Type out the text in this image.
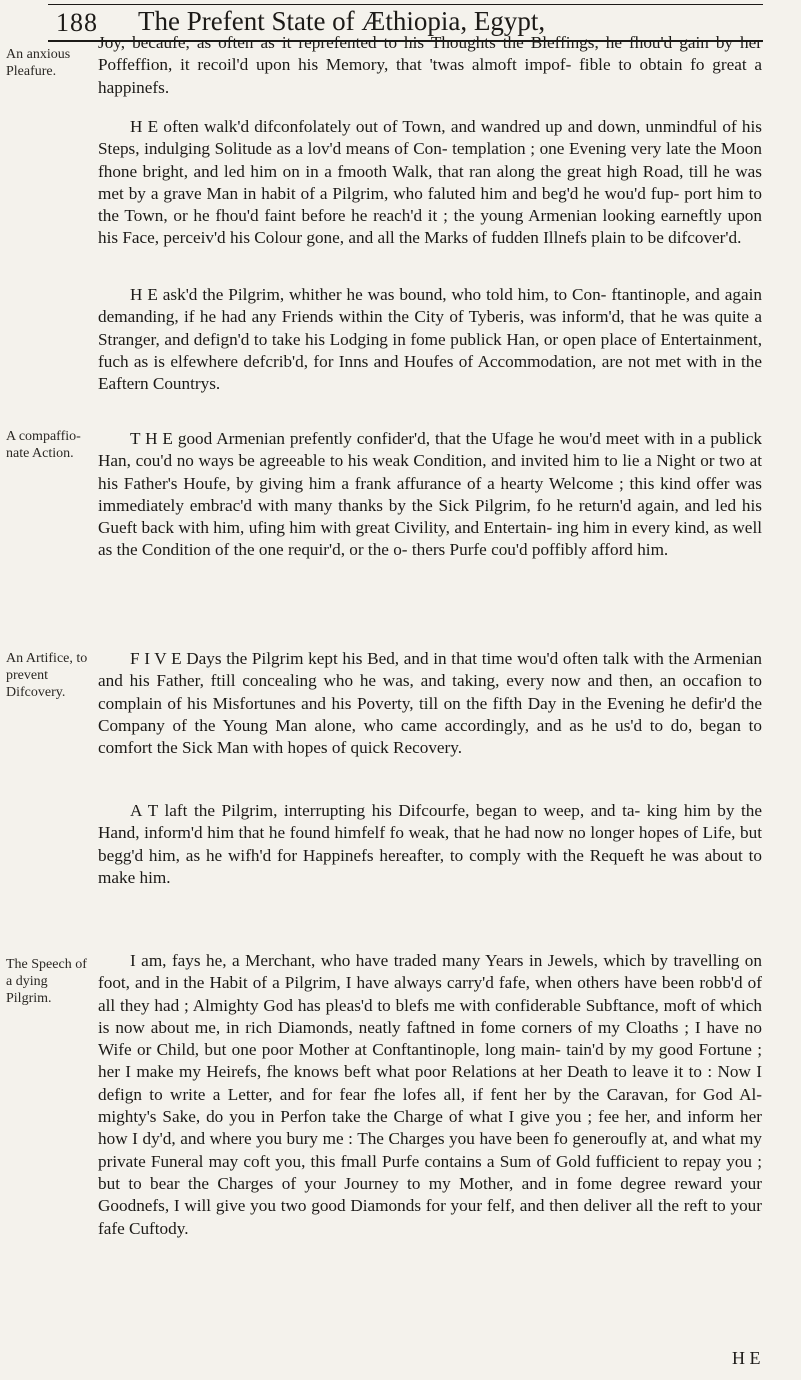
188 The Prefent State of Æthiopia, Egypt,
An anxious Pleafure.
A compaffio- nate Action.
An Artifice, to prevent Difcovery.
The Speech of a dying Pilgrim.

Joy, becaufe, as often as it reprefented to his Thoughts the Bleffings, he fhou'd gain by her Poffeffion, it recoil'd upon his Memory, that 'twas almoft impof- fible to obtain fo great a happinefs.

H E often walk'd difconfolately out of Town, and wandred up and down, unmindful of his Steps, indulging Solitude as a lov'd means of Con- templation ; one Evening very late the Moon fhone bright, and led him on in a fmooth Walk, that ran along the great high Road, till he was met by a grave Man in habit of a Pilgrim, who faluted him and beg'd he wou'd fup- port him to the Town, or he fhou'd faint before he reach'd it ; the young Armenian looking earneftly upon his Face, perceiv'd his Colour gone, and all the Marks of fudden Illnefs plain to be difcover'd.

H E ask'd the Pilgrim, whither he was bound, who told him, to Con- ftantinople, and again demanding, if he had any Friends within the City of Tyberis, was inform'd, that he was quite a Stranger, and defign'd to take his Lodging in fome publick Han, or open place of Entertainment, fuch as is elfewhere defcrib'd, for Inns and Houfes of Accommodation, are not met with in the Eaftern Countrys.

T H E good Armenian prefently confider'd, that the Ufage he wou'd meet with in a publick Han, cou'd no ways be agreeable to his weak Condition, and invited him to lie a Night or two at his Father's Houfe, by giving him a frank affurance of a hearty Welcome ; this kind offer was immediately embrac'd with many thanks by the Sick Pilgrim, fo he return'd again, and led his Gueft back with him, ufing him with great Civility, and Entertain- ing him in every kind, as well as the Condition of the one requir'd, or the o- thers Purfe cou'd poffibly afford him.

F I V E Days the Pilgrim kept his Bed, and in that time wou'd often talk with the Armenian and his Father, ftill concealing who he was, and taking, every now and then, an occafion to complain of his Misfortunes and his Poverty, till on the fifth Day in the Evening he defir'd the Company of the Young Man alone, who came accordingly, and as he us'd to do, began to comfort the Sick Man with hopes of quick Recovery.

A T laft the Pilgrim, interrupting his Difcourfe, began to weep, and ta- king him by the Hand, inform'd him that he found himfelf fo weak, that he had now no longer hopes of Life, but begg'd him, as he wifh'd for Happinefs hereafter, to comply with the Requeft he was about to make him.

I am, fays he, a Merchant, who have traded many Years in Jewels, which by travelling on foot, and in the Habit of a Pilgrim, I have always carry'd fafe, when others have been robb'd of all they had ; Almighty God has pleas'd to blefs me with confiderable Subftance, moft of which is now about me, in rich Diamonds, neatly faftned in fome corners of my Cloaths ; I have no Wife or Child, but one poor Mother at Conftantinople, long main- tain'd by my good Fortune ; her I make my Heirefs, fhe knows beft what poor Relations at her Death to leave it to : Now I defign to write a Letter, and for fear fhe lofes all, if fent her by the Caravan, for God Al- mighty's Sake, do you in Perfon take the Charge of what I give you ; fee her, and inform her how I dy'd, and where you bury me : The Charges you have been fo generoufly at, and what my private Funeral may coft you, this fmall Purfe contains a Sum of Gold fufficient to repay you ; but to bear the Charges of your Journey to my Mother, and in fome degree reward your Goodnefs, I will give you two good Diamonds for your felf, and then deliver all the reft to your fafe Cuftody.

H E
